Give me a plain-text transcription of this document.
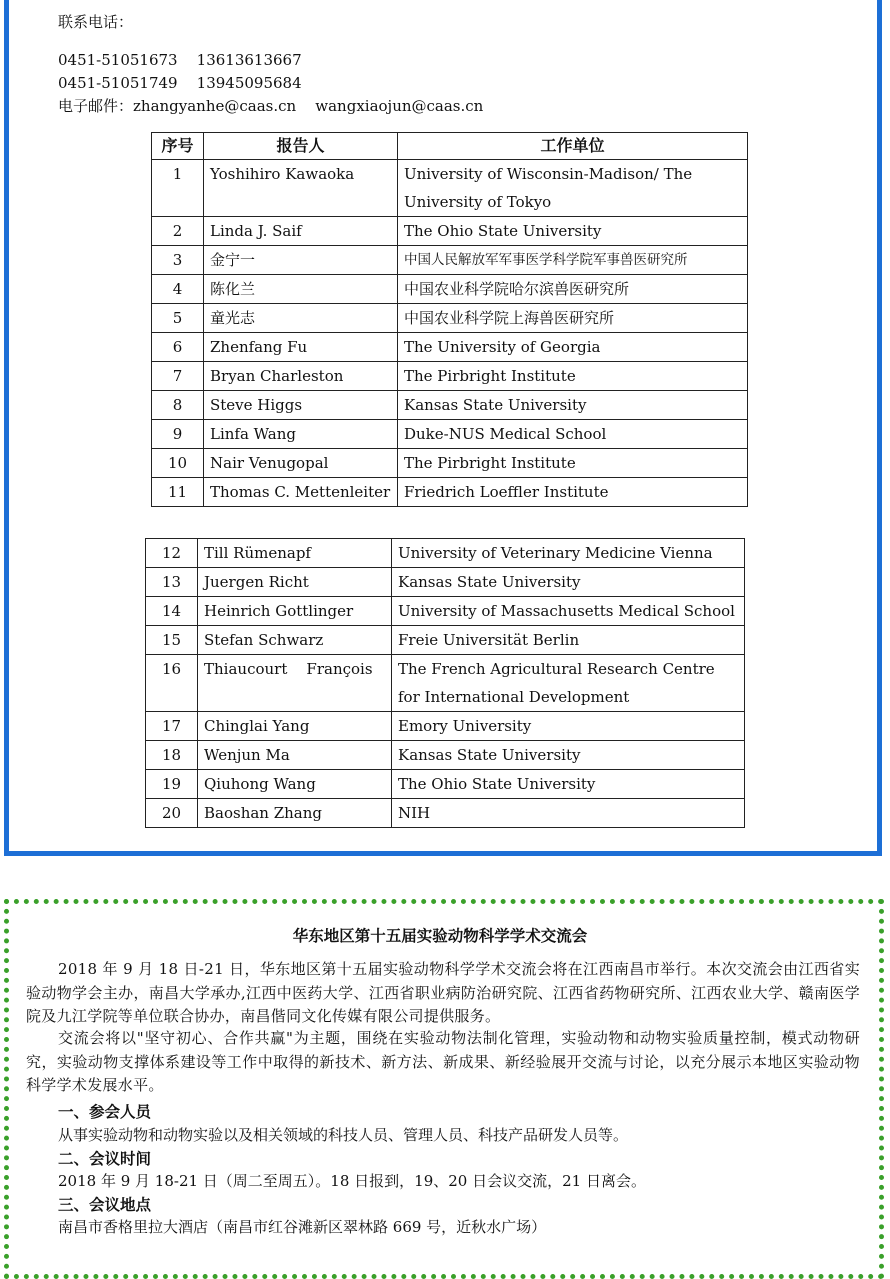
联系电话：
0451-51051673    13613613667
0451-51051749    13945095684
电子邮件：zhangyanhe@caas.cn    wangxiaojun@caas.cn
序号	报告人	工作单位
1	Yoshihiro Kawaoka	University of Wisconsin-Madison/ The University of Tokyo
2	Linda J. Saif	The Ohio State University
3	金宁一	中国人民解放军军事医学科学院军事兽医研究所
4	陈化兰	中国农业科学院哈尔滨兽医研究所
5	童光志	中国农业科学院上海兽医研究所
6	Zhenfang Fu	The University of Georgia
7	Bryan Charleston	The Pirbright Institute
8	Steve Higgs	Kansas State University
9	Linfa Wang	Duke-NUS Medical School
10	Nair Venugopal	The Pirbright Institute
11	Thomas C. Mettenleiter	Friedrich Loeffler Institute
12	Till Rümenapf	University of Veterinary Medicine Vienna
13	Juergen Richt	Kansas State University
14	Heinrich Gottlinger	University of Massachusetts Medical School
15	Stefan Schwarz	Freie Universität Berlin
16	Thiaucourt    François	The French Agricultural Research Centre for International Development
17	Chinglai Yang	Emory University
18	Wenjun Ma	Kansas State University
19	Qiuhong Wang	The Ohio State University
20	Baoshan Zhang	NIH
华东地区第十五届实验动物科学学术交流会
2018 年 9 月 18 日-21 日，华东地区第十五届实验动物科学学术交流会将在江西南昌市举行。本次交流会由江西省实验动物学会主办，南昌大学承办,江西中医药大学、江西省职业病防治研究院、江西省药物研究所、江西农业大学、赣南医学院及九江学院等单位联合协办，南昌偕同文化传媒有限公司提供服务。
交流会将以"坚守初心、合作共赢"为主题，围绕在实验动物法制化管理，实验动物和动物实验质量控制，模式动物研究，实验动物支撑体系建设等工作中取得的新技术、新方法、新成果、新经验展开交流与讨论，以充分展示本地区实验动物科学学术发展水平。
一、参会人员
从事实验动物和动物实验以及相关领域的科技人员、管理人员、科技产品研发人员等。
二、会议时间
2018 年 9 月 18-21 日（周二至周五）。18 日报到，19、20 日会议交流，21 日离会。
三、会议地点
南昌市香格里拉大酒店（南昌市红谷滩新区翠林路 669 号，近秋水广场）
